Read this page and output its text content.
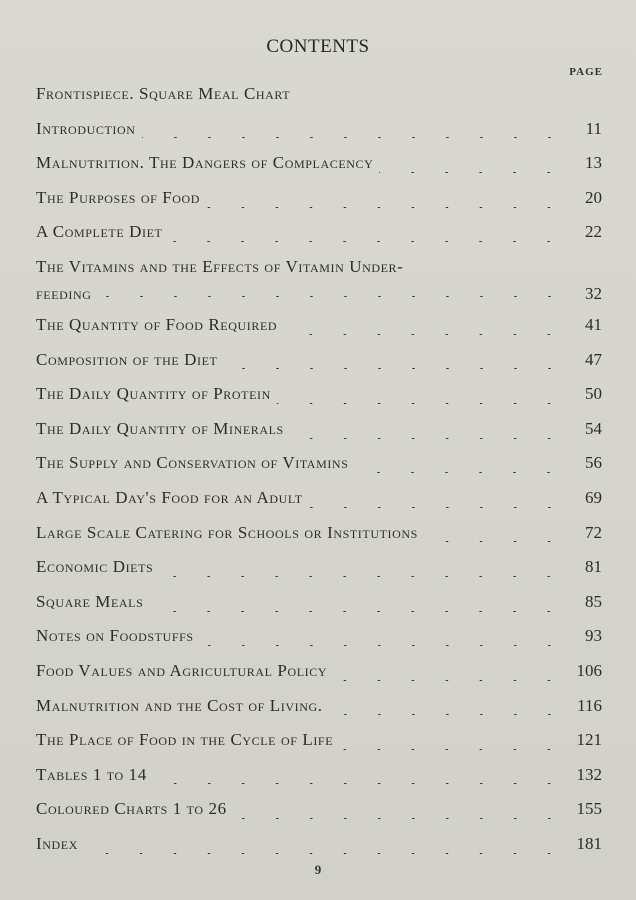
CONTENTS
PAGE
Frontispiece. Square Meal Chart
Introduction	11
Malnutrition. The Dangers of Complacency	13
The Purposes of Food	20
A Complete Diet	22
The Vitamins and the Effects of Vitamin Under-
feeding	32
The Quantity of Food Required	41
Composition of the Diet	47
The Daily Quantity of Protein	50
The Daily Quantity of Minerals	54
The Supply and Conservation of Vitamins	56
A Typical Day's Food for an Adult	69
Large Scale Catering for Schools or Institutions	72
Economic Diets	81
Square Meals	85
Notes on Foodstuffs	93
Food Values and Agricultural Policy	106
Malnutrition and the Cost of Living.	116
The Place of Food in the Cycle of Life	121
Tables 1 to 14	132
Coloured Charts 1 to 26	155
Index	181
9
